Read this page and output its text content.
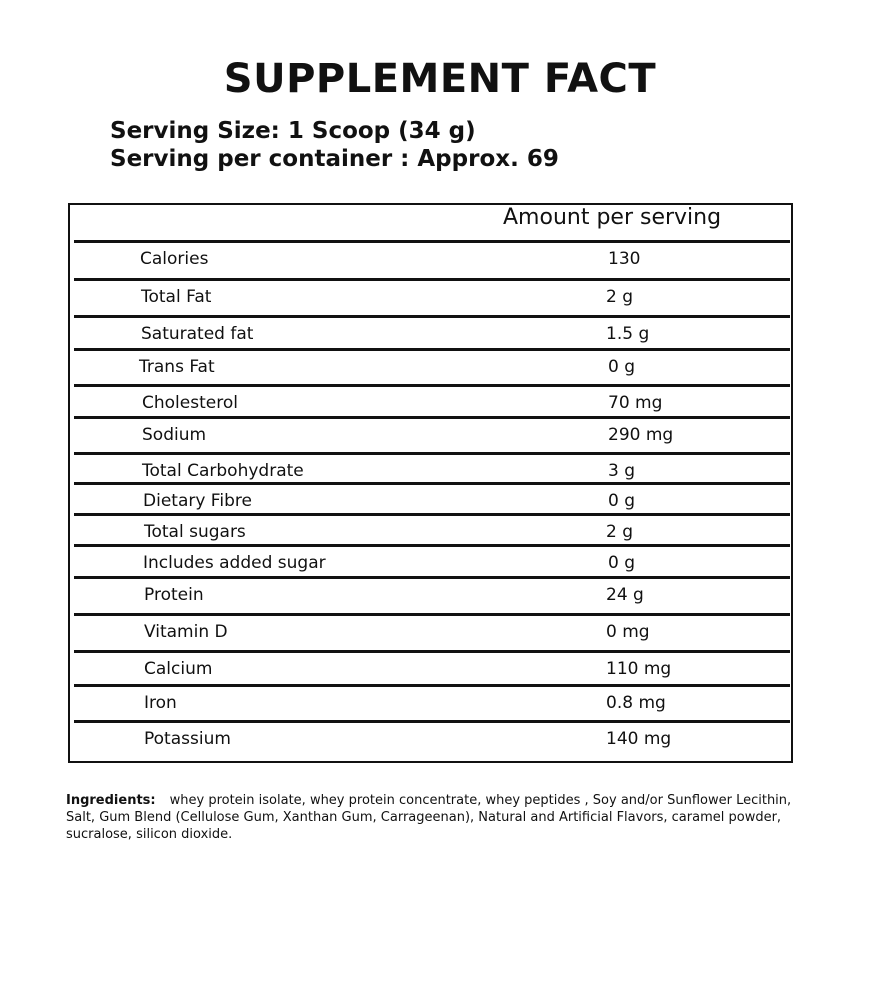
SUPPLEMENT FACT

Serving Size: 1 Scoop (34 g)

Serving per container : Approx. 69

Amount per serving
Calories	130
Total Fat	2 g
Saturated fat	1.5 g
Trans Fat	0 g
Cholesterol	70 mg
Sodium	290 mg
Total Carbohydrate	3 g
Dietary Fibre	0 g
Total sugars	2 g
Includes added sugar	0 g
Protein	24 g
Vitamin D	0 mg
Calcium	110 mg
Iron	0.8 mg
Potassium	140 mg

Ingredients: whey protein isolate, whey protein concentrate, whey peptides , Soy and/or Sunflower Lecithin, Salt, Gum Blend (Cellulose Gum, Xanthan Gum, Carrageenan), Natural and Artificial Flavors, caramel powder, sucralose, silicon dioxide.
